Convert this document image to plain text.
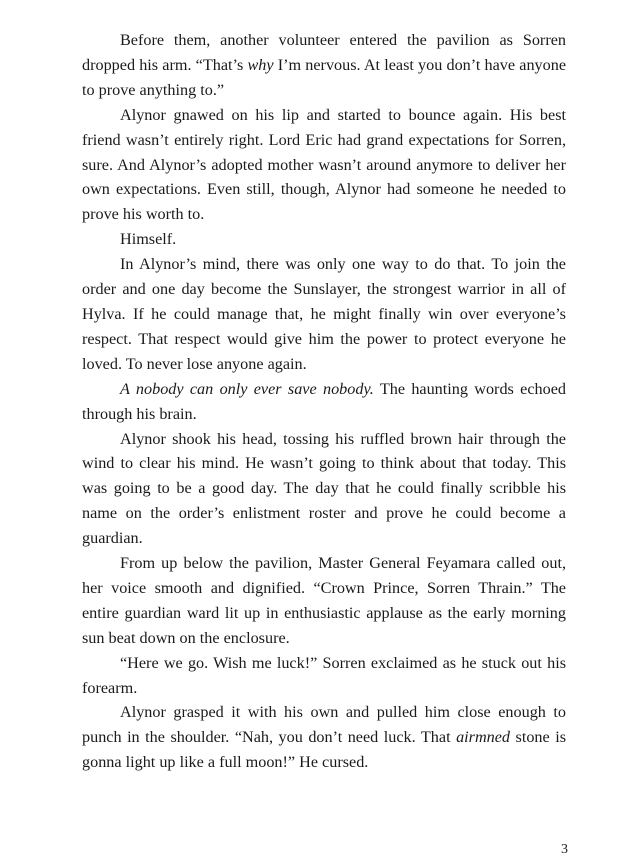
Before them, another volunteer entered the pavilion as Sorren dropped his arm. “That’s why I’m nervous. At least you don’t have anyone to prove anything to.”

Alynor gnawed on his lip and started to bounce again. His best friend wasn’t entirely right. Lord Eric had grand expectations for Sorren, sure. And Alynor’s adopted mother wasn’t around anymore to deliver her own expectations. Even still, though, Alynor had someone he needed to prove his worth to.

Himself.

In Alynor’s mind, there was only one way to do that. To join the order and one day become the Sunslayer, the strongest warrior in all of Hylva. If he could manage that, he might finally win over everyone’s respect. That respect would give him the power to protect everyone he loved. To never lose anyone again.

A nobody can only ever save nobody. The haunting words echoed through his brain.

Alynor shook his head, tossing his ruffled brown hair through the wind to clear his mind. He wasn’t going to think about that today. This was going to be a good day. The day that he could finally scribble his name on the order’s enlistment roster and prove he could become a guardian.

From up below the pavilion, Master General Feyamara called out, her voice smooth and dignified. “Crown Prince, Sorren Thrain.” The entire guardian ward lit up in enthusiastic applause as the early morning sun beat down on the enclosure.

“Here we go. Wish me luck!” Sorren exclaimed as he stuck out his forearm.

Alynor grasped it with his own and pulled him close enough to punch in the shoulder. “Nah, you don’t need luck. That airmned stone is gonna light up like a full moon!” He cursed.

3
